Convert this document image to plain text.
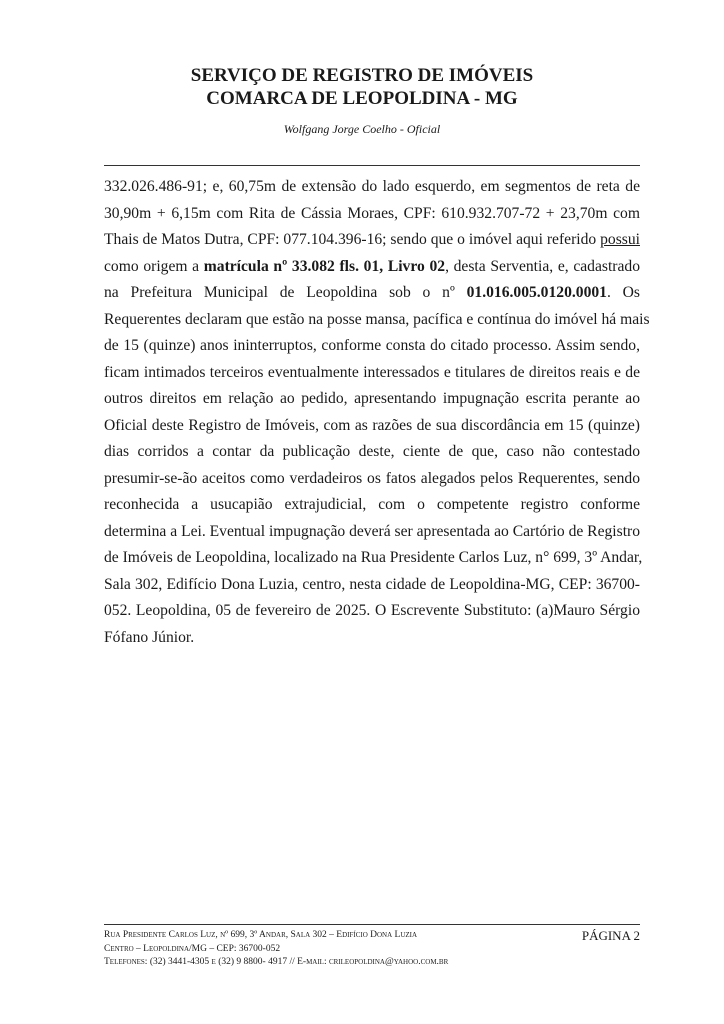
SERVIÇO DE REGISTRO DE IMÓVEIS
COMARCA DE LEOPOLDINA - MG
Wolfgang Jorge Coelho - Oficial
332.026.486-91; e, 60,75m de extensão do lado esquerdo, em segmentos de reta de
30,90m + 6,15m com Rita de Cássia Moraes, CPF: 610.932.707-72 + 23,70m com
Thais de Matos Dutra, CPF: 077.104.396-16; sendo que o imóvel aqui referido possui
como origem a matrícula nº 33.082 fls. 01, Livro 02, desta Serventia, e, cadastrado
na Prefeitura Municipal de Leopoldina sob o nº 01.016.005.0120.0001. Os
Requerentes declaram que estão na posse mansa, pacífica e contínua do imóvel há mais
de 15 (quinze) anos ininterruptos, conforme consta do citado processo. Assim sendo,
ficam intimados terceiros eventualmente interessados e titulares de direitos reais e de
outros direitos em relação ao pedido, apresentando impugnação escrita perante ao
Oficial deste Registro de Imóveis, com as razões de sua discordância em 15 (quinze)
dias corridos a contar da publicação deste, ciente de que, caso não contestado
presumir-se-ão aceitos como verdadeiros os fatos alegados pelos Requerentes, sendo
reconhecida a usucapião extrajudicial, com o competente registro conforme
determina a Lei. Eventual impugnação deverá ser apresentada ao Cartório de Registro
de Imóveis de Leopoldina, localizado na Rua Presidente Carlos Luz, n° 699, 3º Andar,
Sala 302, Edifício Dona Luzia, centro, nesta cidade de Leopoldina-MG, CEP: 36700-
052. Leopoldina, 05 de fevereiro de 2025. O Escrevente Substituto: (a)Mauro Sérgio
Fófano Júnior.
Rua Presidente Carlos Luz, nº 699, 3º Andar, Sala 302 – Edifício Dona Luzia
Centro – Leopoldina/MG – CEP: 36700-052
Telefones: (32) 3441-4305 e (32) 9 8800- 4917 // E-mail: crileopoldina@yahoo.com.br
PÁGINA 2
